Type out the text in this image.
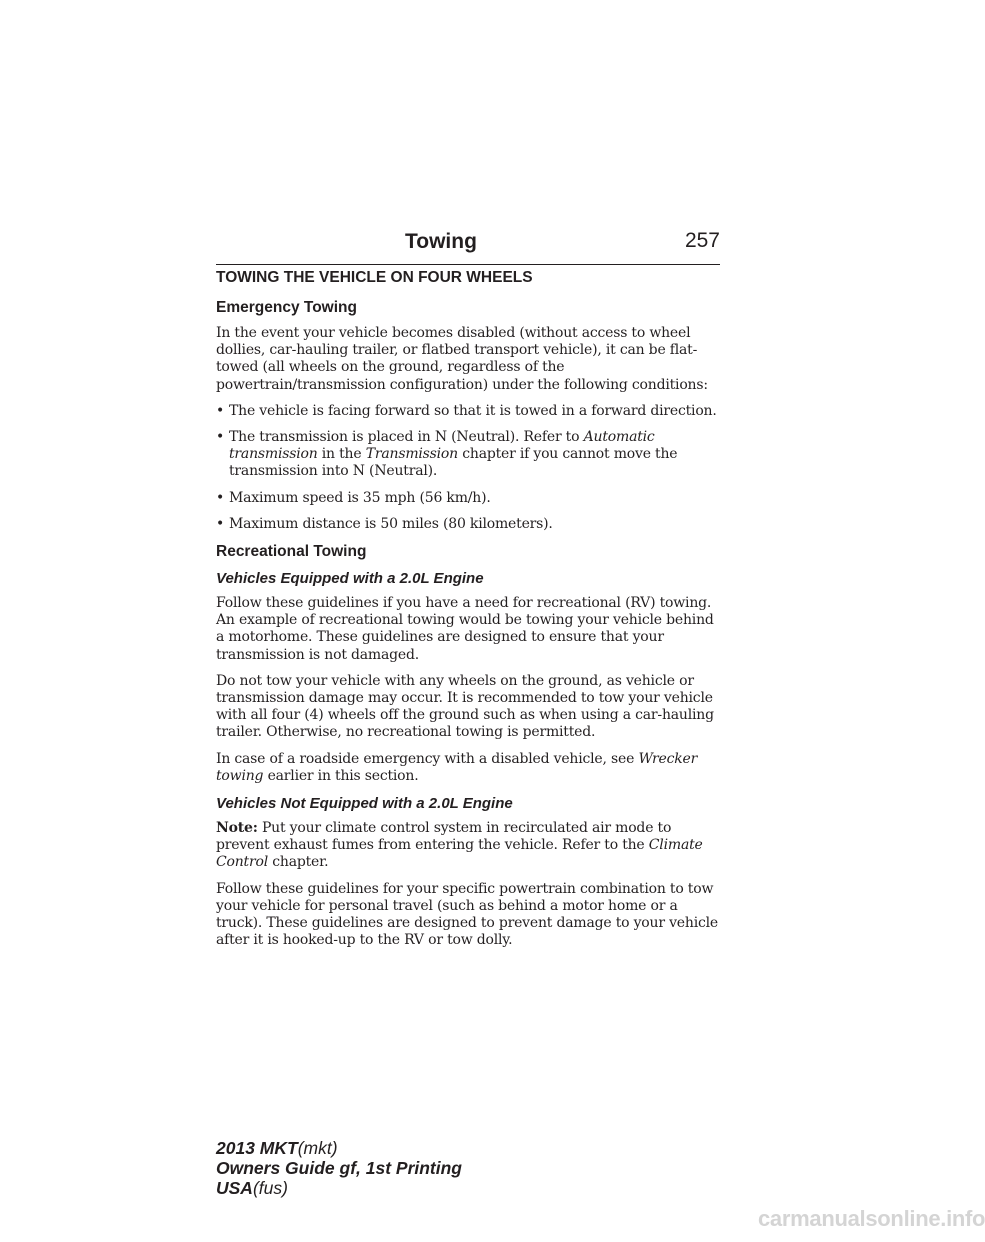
Towing	257
TOWING THE VEHICLE ON FOUR WHEELS
Emergency Towing

In the event your vehicle becomes disabled (without access to wheel dollies, car-hauling trailer, or flatbed transport vehicle), it can be flat-towed (all wheels on the ground, regardless of the powertrain/transmission configuration) under the following conditions:

• The vehicle is facing forward so that it is towed in a forward direction.
• The transmission is placed in N (Neutral). Refer to Automatic transmission in the Transmission chapter if you cannot move the transmission into N (Neutral).
• Maximum speed is 35 mph (56 km/h).
• Maximum distance is 50 miles (80 kilometers).
Recreational Towing
Vehicles Equipped with a 2.0L Engine

Follow these guidelines if you have a need for recreational (RV) towing. An example of recreational towing would be towing your vehicle behind a motorhome. These guidelines are designed to ensure that your transmission is not damaged.

Do not tow your vehicle with any wheels on the ground, as vehicle or transmission damage may occur. It is recommended to tow your vehicle with all four (4) wheels off the ground such as when using a car-hauling trailer. Otherwise, no recreational towing is permitted.

In case of a roadside emergency with a disabled vehicle, see Wrecker towing earlier in this section.

Vehicles Not Equipped with a 2.0L Engine

Note: Put your climate control system in recirculated air mode to prevent exhaust fumes from entering the vehicle. Refer to the Climate Control chapter.

Follow these guidelines for your specific powertrain combination to tow your vehicle for personal travel (such as behind a motor home or a truck). These guidelines are designed to prevent damage to your vehicle after it is hooked-up to the RV or tow dolly.

2013 MKT(mkt)
Owners Guide gf, 1st Printing
USA(fus)
carmanualsonline.info
